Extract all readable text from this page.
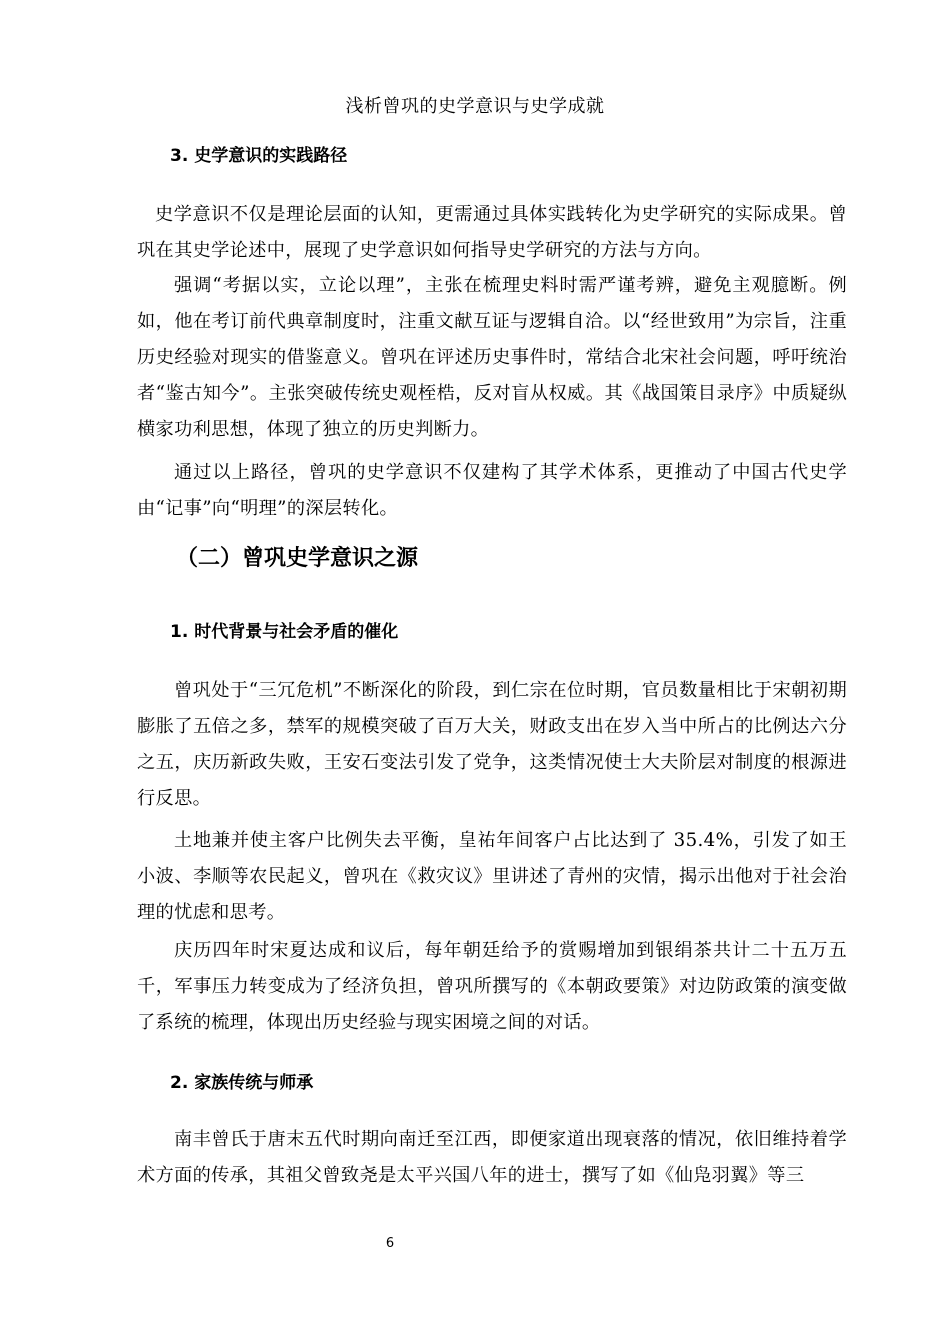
浅析曾巩的史学意识与史学成就
3. 史学意识的实践路径

史学意识不仅是理论层面的认知，更需通过具体实践转化为史学研究的实际成果。曾巩在其史学论述中，展现了史学意识如何指导史学研究的方法与方向。

强调“考据以实，立论以理”，主张在梳理史料时需严谨考辨，避免主观臆断。例如，他在考订前代典章制度时，注重文献互证与逻辑自洽。以“经世致用”为宗旨，注重历史经验对现实的借鉴意义。曾巩在评述历史事件时，常结合北宋社会问题，呼吁统治者“鉴古知今”。主张突破传统史观桎梏，反对盲从权威。其《战国策目录序》中质疑纵横家功利思想，体现了独立的历史判断力。

通过以上路径，曾巩的史学意识不仅建构了其学术体系，更推动了中国古代史学由“记事”向“明理”的深层转化。

（二）曾巩史学意识之源
1. 时代背景与社会矛盾的催化

曾巩处于“三冗危机”不断深化的阶段，到仁宗在位时期，官员数量相比于宋朝初期膨胀了五倍之多，禁军的规模突破了百万大关，财政支出在岁入当中所占的比例达六分之五，庆历新政失败，王安石变法引发了党争，这类情况使士大夫阶层对制度的根源进行反思。

土地兼并使主客户比例失去平衡，皇祐年间客户占比达到了 35.4%，引发了如王小波、李顺等农民起义，曾巩在《救灾议》里讲述了青州的灾情，揭示出他对于社会治理的忧虑和思考。

庆历四年时宋夏达成和议后，每年朝廷给予的赏赐增加到银绢茶共计二十五万五千，军事压力转变成为了经济负担，曾巩所撰写的《本朝政要策》对边防政策的演变做了系统的梳理，体现出历史经验与现实困境之间的对话。

2. 家族传统与师承

南丰曾氏于唐末五代时期向南迁至江西，即便家道出现衰落的情况，依旧维持着学术方面的传承，其祖父曾致尧是太平兴国八年的进士，撰写了如《仙凫羽翼》等三

6
